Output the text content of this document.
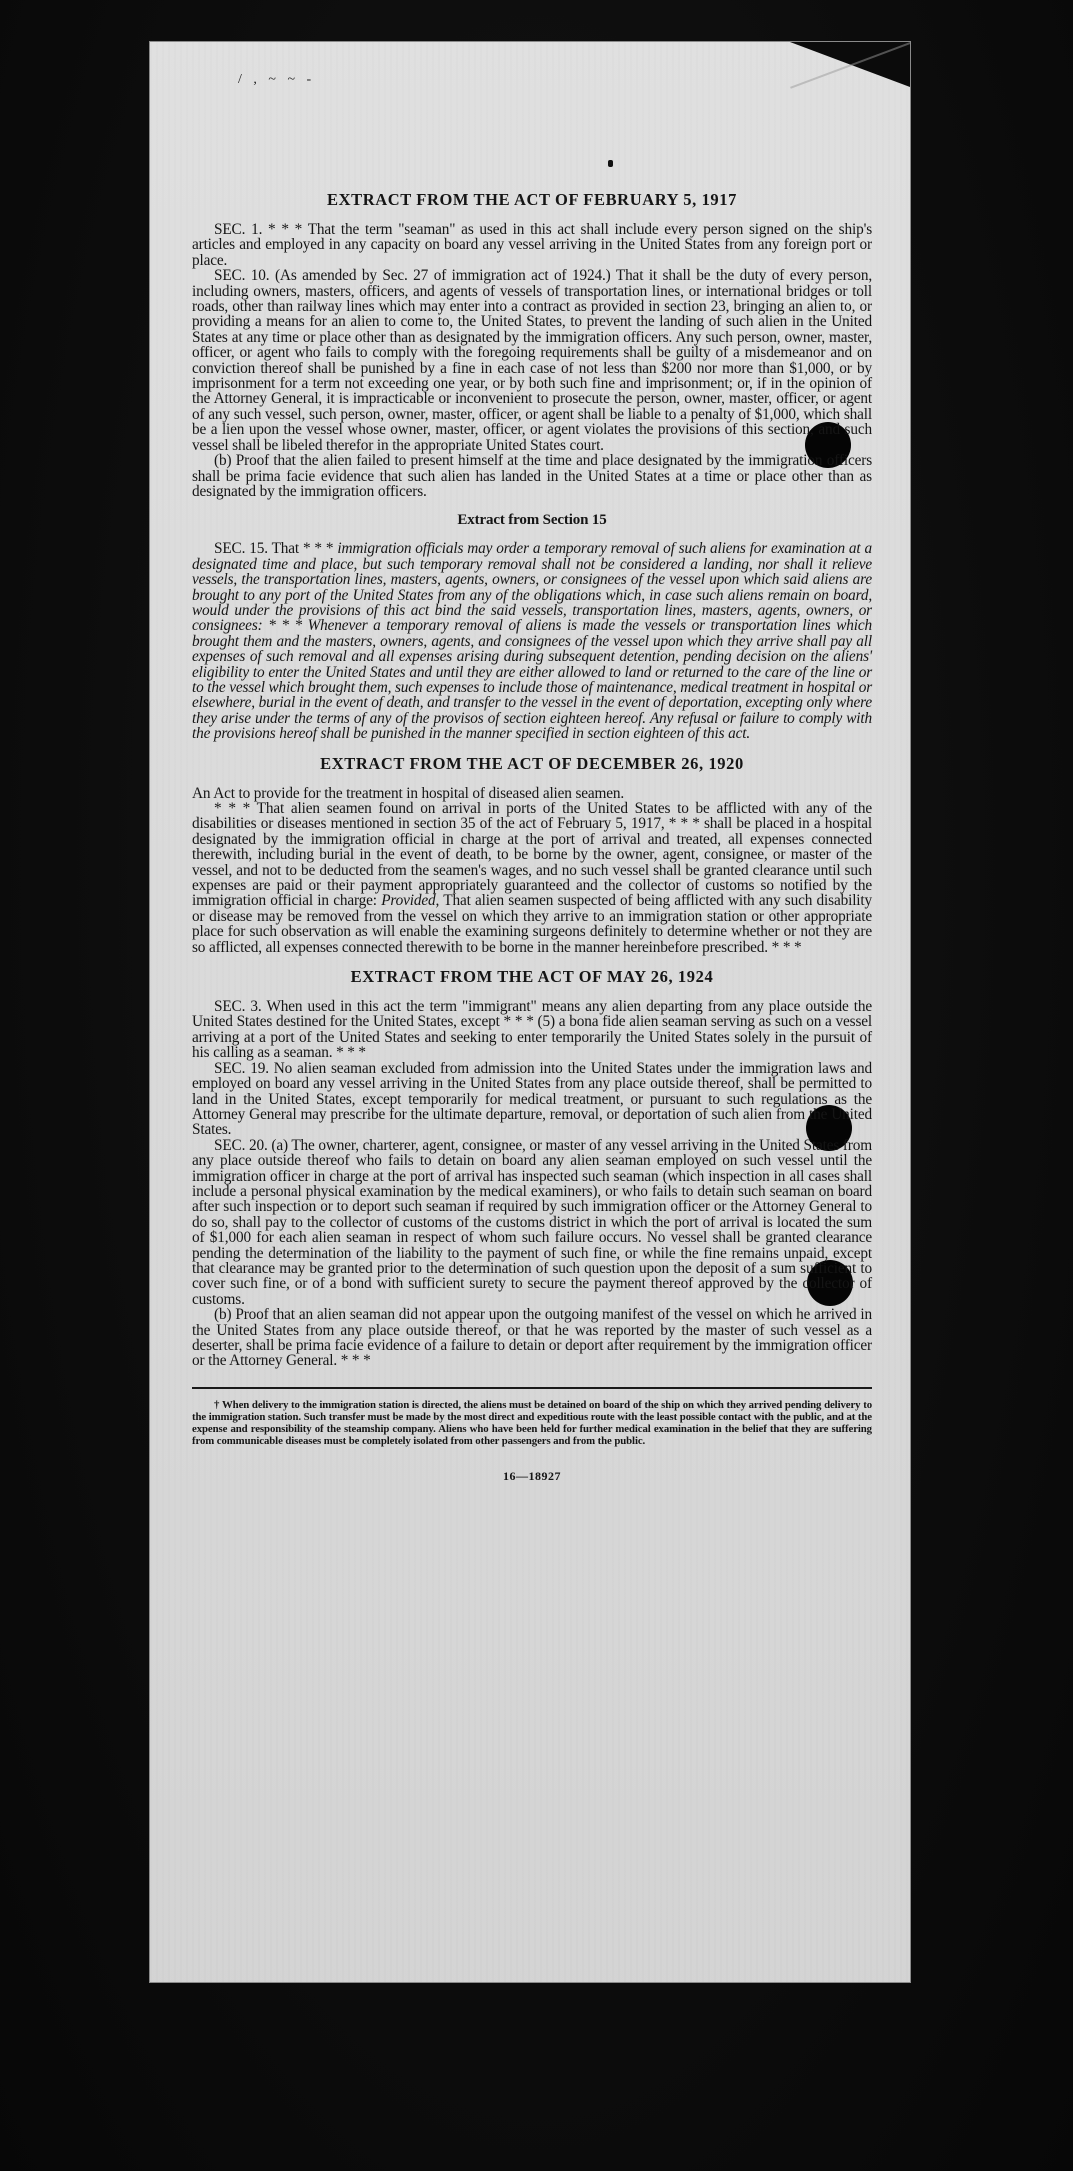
/ , ~ ~ -
EXTRACT FROM THE ACT OF FEBRUARY 5, 1917

SEC. 1. * * * That the term "seaman" as used in this act shall include every person signed on the ship's articles and employed in any capacity on board any vessel arriving in the United States from any foreign port or place.

SEC. 10. (As amended by Sec. 27 of immigration act of 1924.) That it shall be the duty of every person, including owners, masters, officers, and agents of vessels of transportation lines, or international bridges or toll roads, other than railway lines which may enter into a contract as provided in section 23, bringing an alien to, or providing a means for an alien to come to, the United States, to prevent the landing of such alien in the United States at any time or place other than as designated by the immigration officers. Any such person, owner, master, officer, or agent who fails to comply with the foregoing requirements shall be guilty of a misdemeanor and on conviction thereof shall be punished by a fine in each case of not less than $200 nor more than $1,000, or by imprisonment for a term not exceeding one year, or by both such fine and imprisonment; or, if in the opinion of the Attorney General, it is impracticable or inconvenient to prosecute the person, owner, master, officer, or agent of any such vessel, such person, owner, master, officer, or agent shall be liable to a penalty of $1,000, which shall be a lien upon the vessel whose owner, master, officer, or agent violates the provisions of this section, and such vessel shall be libeled therefor in the appropriate United States court.

(b) Proof that the alien failed to present himself at the time and place designated by the immigration officers shall be prima facie evidence that such alien has landed in the United States at a time or place other than as designated by the immigration officers.

Extract from Section 15

SEC. 15. That * * * immigration officials may order a temporary removal of such aliens for examination at a designated time and place, but such temporary removal shall not be considered a landing, nor shall it relieve vessels, the transportation lines, masters, agents, owners, or consignees of the vessel upon which said aliens are brought to any port of the United States from any of the obligations which, in case such aliens remain on board, would under the provisions of this act bind the said vessels, transportation lines, masters, agents, owners, or consignees: * * * Whenever a temporary removal of aliens is made the vessels or transportation lines which brought them and the masters, owners, agents, and consignees of the vessel upon which they arrive shall pay all expenses of such removal and all expenses arising during subsequent detention, pending decision on the aliens' eligibility to enter the United States and until they are either allowed to land or returned to the care of the line or to the vessel which brought them, such expenses to include those of maintenance, medical treatment in hospital or elsewhere, burial in the event of death, and transfer to the vessel in the event of deportation, excepting only where they arise under the terms of any of the provisos of section eighteen hereof. Any refusal or failure to comply with the provisions hereof shall be punished in the manner specified in section eighteen of this act.

EXTRACT FROM THE ACT OF DECEMBER 26, 1920

An Act to provide for the treatment in hospital of diseased alien seamen.

* * * That alien seamen found on arrival in ports of the United States to be afflicted with any of the disabilities or diseases mentioned in section 35 of the act of February 5, 1917, * * * shall be placed in a hospital designated by the immigration official in charge at the port of arrival and treated, all expenses connected therewith, including burial in the event of death, to be borne by the owner, agent, consignee, or master of the vessel, and not to be deducted from the seamen's wages, and no such vessel shall be granted clearance until such expenses are paid or their payment appropriately guaranteed and the collector of customs so notified by the immigration official in charge: Provided, That alien seamen suspected of being afflicted with any such disability or disease may be removed from the vessel on which they arrive to an immigration station or other appropriate place for such observation as will enable the examining surgeons definitely to determine whether or not they are so afflicted, all expenses connected therewith to be borne in the manner hereinbefore prescribed. * * *

EXTRACT FROM THE ACT OF MAY 26, 1924

SEC. 3. When used in this act the term "immigrant" means any alien departing from any place outside the United States destined for the United States, except * * * (5) a bona fide alien seaman serving as such on a vessel arriving at a port of the United States and seeking to enter temporarily the United States solely in the pursuit of his calling as a seaman. * * *

SEC. 19. No alien seaman excluded from admission into the United States under the immigration laws and employed on board any vessel arriving in the United States from any place outside thereof, shall be permitted to land in the United States, except temporarily for medical treatment, or pursuant to such regulations as the Attorney General may prescribe for the ultimate departure, removal, or deportation of such alien from the United States.

SEC. 20. (a) The owner, charterer, agent, consignee, or master of any vessel arriving in the United States from any place outside thereof who fails to detain on board any alien seaman employed on such vessel until the immigration officer in charge at the port of arrival has inspected such seaman (which inspection in all cases shall include a personal physical examination by the medical examiners), or who fails to detain such seaman on board after such inspection or to deport such seaman if required by such immigration officer or the Attorney General to do so, shall pay to the collector of customs of the customs district in which the port of arrival is located the sum of $1,000 for each alien seaman in respect of whom such failure occurs. No vessel shall be granted clearance pending the determination of the liability to the payment of such fine, or while the fine remains unpaid, except that clearance may be granted prior to the determination of such question upon the deposit of a sum sufficient to cover such fine, or of a bond with sufficient surety to secure the payment thereof approved by the collector of customs.

(b) Proof that an alien seaman did not appear upon the outgoing manifest of the vessel on which he arrived in the United States from any place outside thereof, or that he was reported by the master of such vessel as a deserter, shall be prima facie evidence of a failure to detain or deport after requirement by the immigration officer or the Attorney General. * * *

† When delivery to the immigration station is directed, the aliens must be detained on board of the ship on which they arrived pending delivery to the immigration station. Such transfer must be made by the most direct and expeditious route with the least possible contact with the public, and at the expense and responsibility of the steamship company. Aliens who have been held for further medical examination in the belief that they are suffering from communicable diseases must be completely isolated from other passengers and from the public.

16—18927
